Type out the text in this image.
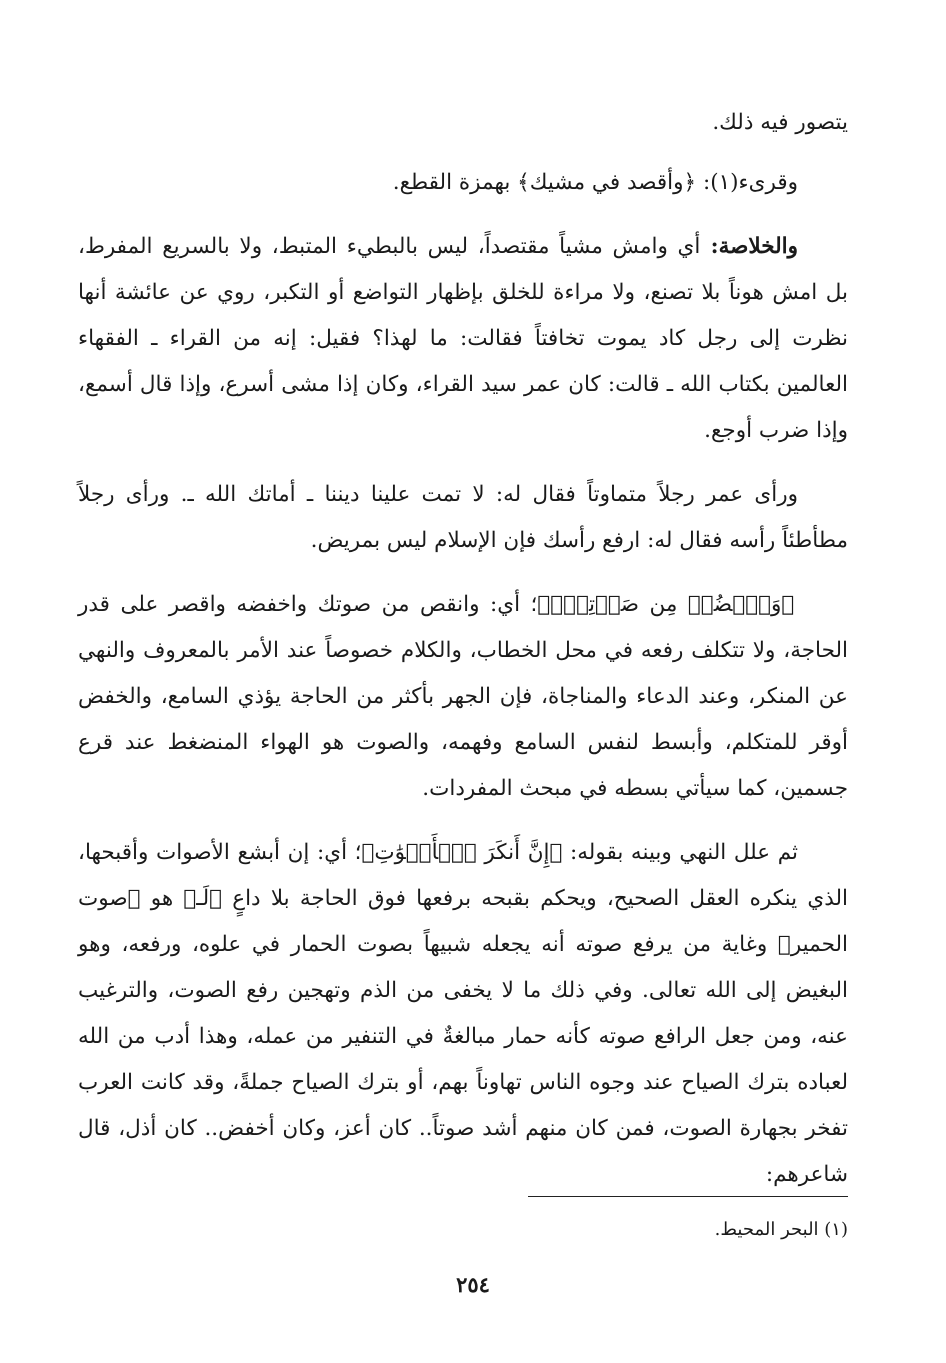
يتصور فيه ذلك.

وقرىء(١): ﴿وأقصد في مشيك﴾ بهمزة القطع.

والخلاصة: أي وامش مشياً مقتصداً، ليس بالبطيء المتبط، ولا بالسريع المفرط، بل امش هوناً بلا تصنع، ولا مراءة للخلق بإظهار التواضع أو التكبر، روي عن عائشة أنها نظرت إلى رجل كاد يموت تخافتاً فقالت: ما لهذا؟ فقيل: إنه من القراء ـ الفقهاء العالمين بكتاب الله ـ قالت: كان عمر سيد القراء، وكان إذا مشى أسرع، وإذا قال أسمع، وإذا ضرب أوجع.

ورأى عمر رجلاً متماوتاً فقال له: لا تمت علينا ديننا ـ أماتك الله ـ. ورأى رجلاً مطأطئاً رأسه فقال له: ارفع رأسك فإن الإسلام ليس بمريض.

﴿وَٱغۡضُضۡ مِن صَوۡتِكَۚ﴾؛ أي: وانقص من صوتك واخفضه واقصر على قدر الحاجة، ولا تتكلف رفعه في محل الخطاب، والكلام خصوصاً عند الأمر بالمعروف والنهي عن المنكر، وعند الدعاء والمناجاة، فإن الجهر بأكثر من الحاجة يؤذي السامع، والخفض أوقر للمتكلم، وأبسط لنفس السامع وفهمه، والصوت هو الهواء المنضغط عند قرع جسمين، كما سيأتي بسطه في مبحث المفردات.

ثم علل النهي وبينه بقوله: ﴿إِنَّ أَنكَرَ ٱلۡأَصۡوَٰتِ﴾؛ أي: إن أبشع الأصوات وأقبحها، الذي ينكره العقل الصحيح، ويحكم بقبحه برفعها فوق الحاجة بلا داعٍ ﴿لَـ﴾ هو ﴿صوت الحمير﴾ وغاية من يرفع صوته أنه يجعله شبيهاً بصوت الحمار في علوه، ورفعه، وهو البغيض إلى الله تعالى. وفي ذلك ما لا يخفى من الذم وتهجين رفع الصوت، والترغيب عنه، ومن جعل الرافع صوته كأنه حمار مبالغةٌ في التنفير من عمله، وهذا أدب من الله لعباده بترك الصياح عند وجوه الناس تهاوناً بهم، أو بترك الصياح جملةً، وقد كانت العرب تفخر بجهارة الصوت، فمن كان منهم أشد صوتاً.. كان أعز، وكان أخفض.. كان أذل، قال شاعرهم:

(١) البحر المحيط.
٢٥٤
